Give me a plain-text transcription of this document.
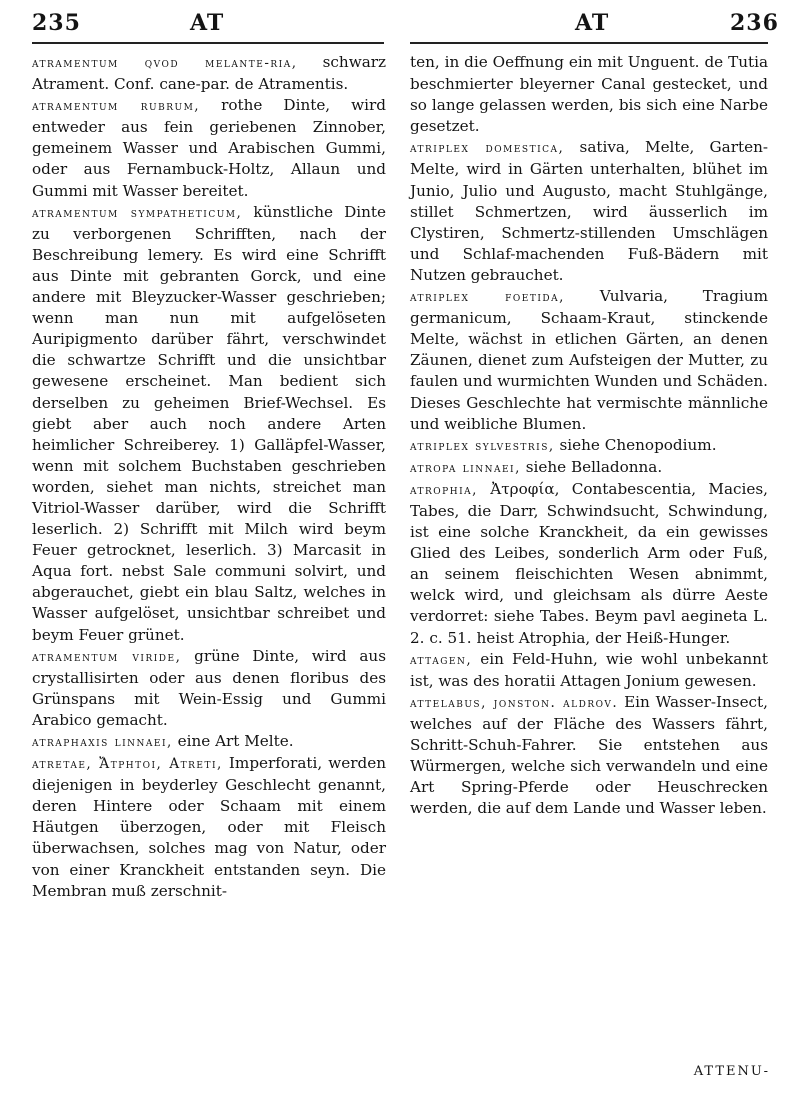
235	AT	AT	236

atramentum qvod melante-ria, schwarz Atrament. Conf. cane-par. de Atramentis.

atramentum rubrum, rothe Dinte, wird entweder aus fein geriebenen Zinnober, gemeinem Wasser und Arabischen Gummi, oder aus Fernambuck-Holtz, Allaun und Gummi mit Wasser bereitet.

atramentum sympatheticum, künstliche Dinte zu verborgenen Schrifften, nach der Beschreibung lemery. Es wird eine Schrifft aus Dinte mit gebranten Gorck, und eine andere mit Bleyzucker-Wasser geschrieben; wenn man nun mit aufgelöseten Auripigmento darüber fährt, verschwindet die schwartze Schrifft und die unsichtbar gewesene erscheinet. Man bedient sich derselben zu geheimen Brief-Wechsel. Es giebt aber auch noch andere Arten heimlicher Schreiberey. 1) Galläpfel-Wasser, wenn mit solchem Buchstaben geschrieben worden, siehet man nichts, streichet man Vitriol-Wasser darüber, wird die Schrifft leserlich. 2) Schrifft mit Milch wird beym Feuer getrocknet, leserlich. 3) Marcasit in Aqua fort. nebst Sale communi solvirt, und abgerauchet, giebt ein blau Saltz, welches in Wasser aufgelöset, unsichtbar schreibet und beym Feuer grünet.

atramentum viride, grüne Dinte, wird aus crystallisirten oder aus denen floribus des Grünspans mit Wein-Essig und Gummi Arabico gemacht.

atraphaxis linnaei, eine Art Melte.

atretae, Ἄτρητοι, Atreti, Imperforati, werden diejenigen in beyderley Geschlecht genannt, deren Hintere oder Schaam mit einem Häutgen überzogen, oder mit Fleisch überwachsen, solches mag von Natur, oder von einer Kranckheit entstanden seyn. Die Membran muß zerschnit-

ten, in die Oeffnung ein mit Unguent. de Tutia beschmierter bleyerner Canal gestecket, und so lange gelassen werden, bis sich eine Narbe gesetzet.

atriplex domestica, sativa, Melte, Garten-Melte, wird in Gärten unterhalten, blühet im Junio, Julio und Augusto, macht Stuhlgänge, stillet Schmertzen, wird äusserlich im Clystiren, Schmertz-stillenden Umschlägen und Schlaf-machenden Fuß-Bädern mit Nutzen gebrauchet.

atriplex foetida, Vulvaria, Tragium germanicum, Schaam-Kraut, stinckende Melte, wächst in etlichen Gärten, an denen Zäunen, dienet zum Aufsteigen der Mutter, zu faulen und wurmichten Wunden und Schäden. Dieses Geschlechte hat vermischte männliche und weibliche Blumen.

atriplex sylvestris, siehe Chenopodium.

atropa linnaei, siehe Belladonna.

atrophia, Ἀτροφία, Contabescentia, Macies, Tabes, die Darr, Schwindsucht, Schwindung, ist eine solche Kranckheit, da ein gewisses Glied des Leibes, sonderlich Arm oder Fuß, an seinem fleischichten Wesen abnimmt, welck wird, und gleichsam als dürre Aeste verdorret: siehe Tabes. Beym pavl aegineta L. 2. c. 51. heist Atrophia, der Heiß-Hunger.

attagen, ein Feld-Huhn, wie wohl unbekannt ist, was des horatii Attagen Jonium gewesen.

attelabus, jonston. aldrov. Ein Wasser-Insect, welches auf der Fläche des Wassers fährt, Schritt-Schuh-Fahrer. Sie entstehen aus Würmergen, welche sich verwandeln und eine Art Spring-Pferde oder Heuschrecken werden, die auf dem Lande und Wasser leben.

ATTENU-
